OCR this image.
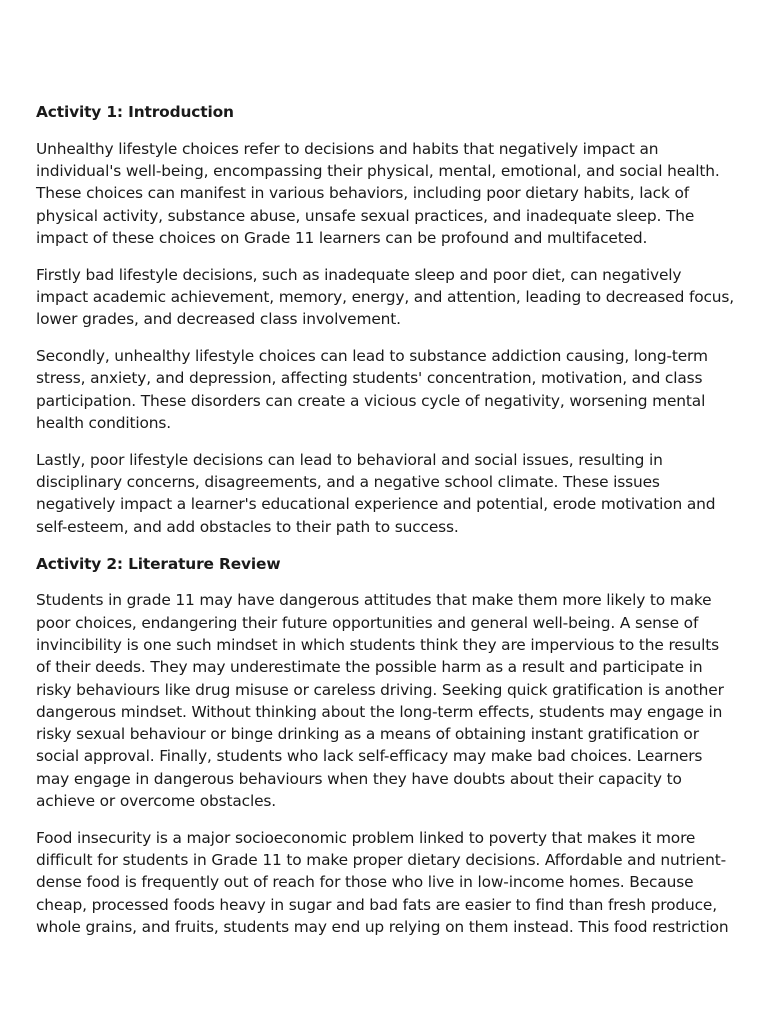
Activity 1: Introduction

Unhealthy lifestyle choices refer to decisions and habits that negatively impact an individual's well-being, encompassing their physical, mental, emotional, and social health. These choices can manifest in various behaviors, including poor dietary habits, lack of physical activity, substance abuse, unsafe sexual practices, and inadequate sleep. The impact of these choices on Grade 11 learners can be profound and multifaceted.

Firstly bad lifestyle decisions, such as inadequate sleep and poor diet, can negatively impact academic achievement, memory, energy, and attention, leading to decreased focus, lower grades, and decreased class involvement.

Secondly, unhealthy lifestyle choices can lead to substance addiction causing, long-term stress, anxiety, and depression, affecting students' concentration, motivation, and class participation. These disorders can create a vicious cycle of negativity, worsening mental health conditions.

Lastly, poor lifestyle decisions can lead to behavioral and social issues, resulting in disciplinary concerns, disagreements, and a negative school climate. These issues negatively impact a learner's educational experience and potential, erode motivation and self-esteem, and add obstacles to their path to success.

Activity 2: Literature Review

Students in grade 11 may have dangerous attitudes that make them more likely to make poor choices, endangering their future opportunities and general well-being. A sense of invincibility is one such mindset in which students think they are impervious to the results of their deeds. They may underestimate the possible harm as a result and participate in risky behaviours like drug misuse or careless driving. Seeking quick gratification is another dangerous mindset. Without thinking about the long-term effects, students may engage in risky sexual behaviour or binge drinking as a means of obtaining instant gratification or social approval. Finally, students who lack self-efficacy may make bad choices. Learners may engage in dangerous behaviours when they have doubts about their capacity to achieve or overcome obstacles.

Food insecurity is a major socioeconomic problem linked to poverty that makes it more difficult for students in Grade 11 to make proper dietary decisions. Affordable and nutrient-dense food is frequently out of reach for those who live in low-income homes. Because cheap, processed foods heavy in sugar and bad fats are easier to find than fresh produce, whole grains, and fruits, students may end up relying on them instead. This food restriction
